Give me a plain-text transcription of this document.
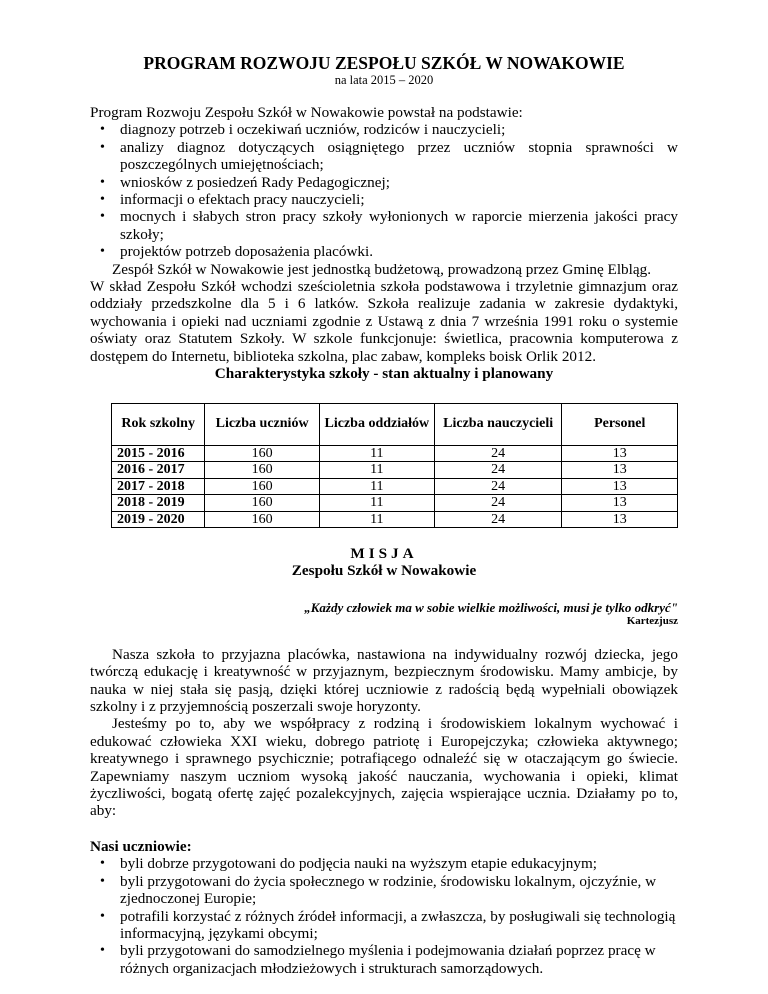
PROGRAM ROZWOJU ZESPOŁU SZKÓŁ W NOWAKOWIE

na lata 2015 – 2020

Program Rozwoju Zespołu Szkół w Nowakowie powstał na podstawie:

• diagnozy potrzeb i oczekiwań uczniów, rodziców i nauczycieli;
• analizy diagnoz dotyczących osiągniętego przez uczniów stopnia sprawności w poszczególnych umiejętnościach;
• wniosków z posiedzeń Rady Pedagogicznej;
• informacji o efektach pracy nauczycieli;
• mocnych i słabych stron pracy szkoły wyłonionych w raporcie mierzenia jakości pracy szkoły;
• projektów potrzeb doposażenia placówki.

Zespół Szkół w Nowakowie jest jednostką budżetową, prowadzoną przez Gminę Elbląg.

W skład Zespołu Szkół wchodzi sześcioletnia szkoła podstawowa i trzyletnie gimnazjum oraz oddziały przedszkolne dla 5 i 6 latków. Szkoła realizuje zadania w zakresie dydaktyki, wychowania i opieki nad uczniami zgodnie z Ustawą z dnia 7 września 1991 roku o systemie oświaty oraz Statutem Szkoły. W szkole funkcjonuje: świetlica, pracownia komputerowa z dostępem do Internetu, biblioteka szkolna, plac zabaw, kompleks boisk Orlik 2012.

Charakterystyka szkoły - stan aktualny i planowany

Rok szkolny	Liczba uczniów	Liczba oddziałów	Liczba nauczycieli	Personel
2015 - 2016	160	11	24	13
2016 - 2017	160	11	24	13
2017 - 2018	160	11	24	13
2018 - 2019	160	11	24	13
2019 - 2020	160	11	24	13

MISJA

Zespołu Szkół w Nowakowie

„Każdy człowiek ma w sobie wielkie możliwości, musi je tylko odkryć"

Kartezjusz

Nasza szkoła to przyjazna placówka, nastawiona na indywidualny rozwój dziecka, jego twórczą edukację i kreatywność w przyjaznym, bezpiecznym środowisku. Mamy ambicje, by nauka w niej stała się pasją, dzięki której uczniowie z radością będą wypełniali obowiązek szkolny i z przyjemnością poszerzali swoje horyzonty.

Jesteśmy po to, aby we współpracy z rodziną i środowiskiem lokalnym wychować i edukować człowieka XXI wieku, dobrego patriotę i Europejczyka; człowieka aktywnego; kreatywnego i sprawnego psychicznie; potrafiącego odnaleźć się w otaczającym go świecie. Zapewniamy naszym uczniom wysoką jakość nauczania, wychowania i opieki, klimat życzliwości, bogatą ofertę zajęć pozalekcyjnych, zajęcia wspierające ucznia. Działamy po to, aby:

Nasi uczniowie:

• byli dobrze przygotowani do podjęcia nauki na wyższym etapie edukacyjnym;
• byli przygotowani do życia społecznego w rodzinie, środowisku lokalnym, ojczyźnie, w zjednoczonej Europie;
• potrafili korzystać z różnych źródeł informacji, a zwłaszcza, by posługiwali się technologią informacyjną, językami obcymi;
• byli przygotowani do samodzielnego myślenia i podejmowania działań poprzez pracę w różnych organizacjach młodzieżowych i strukturach samorządowych.
